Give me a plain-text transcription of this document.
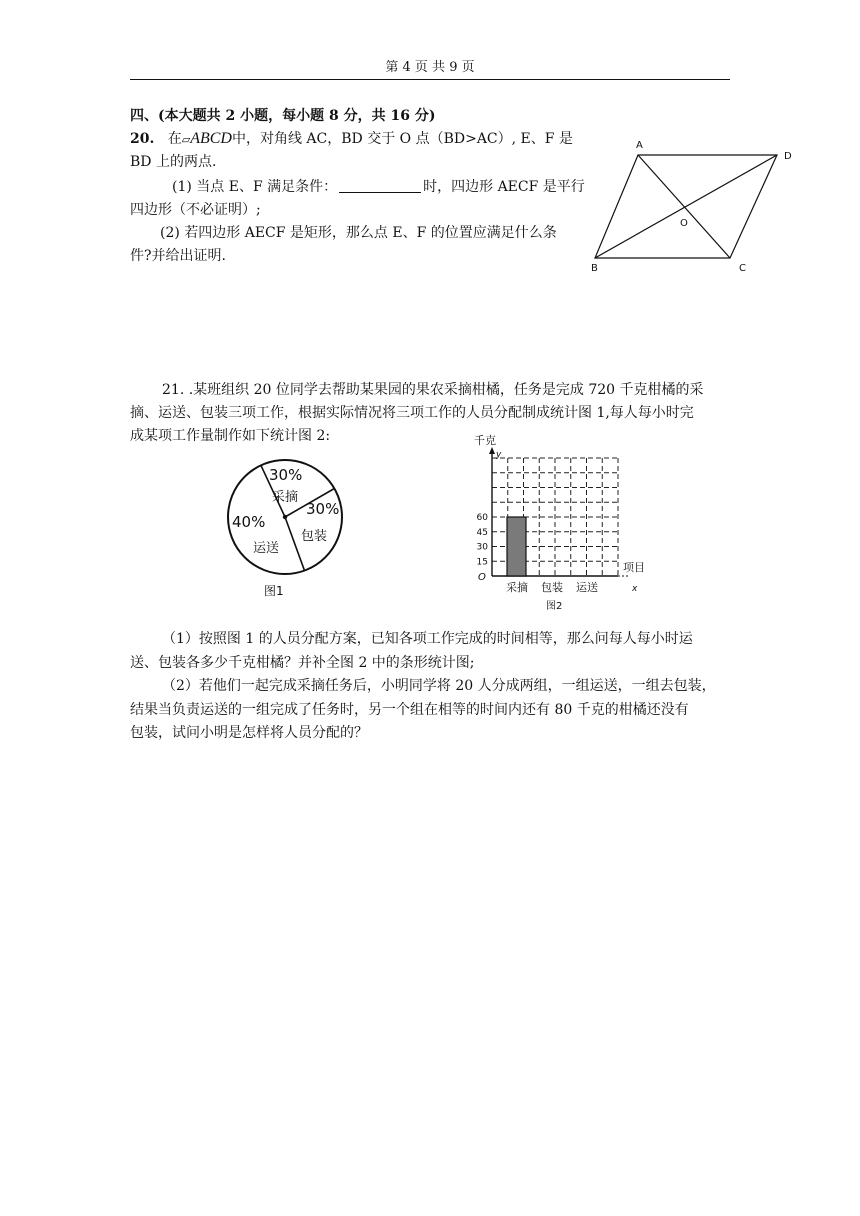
第 4 页 共 9 页
四、(本大题共 2 小题，每小题 8 分，共 16 分)
20. 在▱ABCD中，对角线 AC，BD 交于 O 点（BD>AC）, E、F 是
BD 上的两点.
(1) 当点 E、F 满足条件：	时，四边形 AECF 是平行
四边形（不必证明）;
(2) 若四边形 AECF 是矩形，那么点 E、F 的位置应满足什么条
件?并给出证明.
A
D
O
B	C
21. .某班组织 20 位同学去帮助某果园的果农采摘柑橘，任务是完成 720 千克柑橘的采
摘、运送、包装三项工作，根据实际情况将三项工作的人员分配制成统计图 1,每人每小时完
成某项工作量制作如下统计图 2:
30%
采摘
30%
包装
40%
运送
图1
15
30
45
60
采摘 包装 运送
千克
y
项目
x
O
图2
（1）按照图 1 的人员分配方案，已知各项工作完成的时间相等，那么问每人每小时运
送、包装各多少千克柑橘？并补全图 2 中的条形统计图;
（2）若他们一起完成采摘任务后，小明同学将 20 人分成两组，一组运送，一组去包装，
结果当负责运送的一组完成了任务时，另一个组在相等的时间内还有 80 千克的柑橘还没有
包装，试问小明是怎样将人员分配的？
